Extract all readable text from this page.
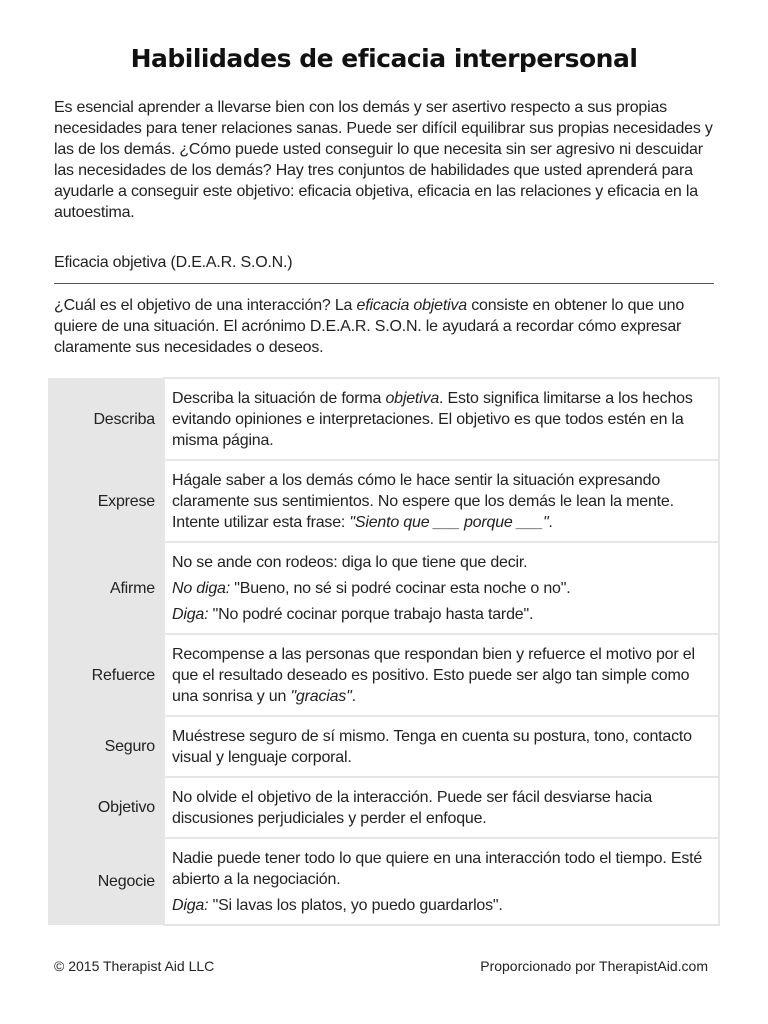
Habilidades de eficacia interpersonal

Es esencial aprender a llevarse bien con los demás y ser asertivo respecto a sus propias necesidades para tener relaciones sanas. Puede ser difícil equilibrar sus propias necesidades y las de los demás. ¿Cómo puede usted conseguir lo que necesita sin ser agresivo ni descuidar las necesidades de los demás? Hay tres conjuntos de habilidades que usted aprenderá para ayudarle a conseguir este objetivo: eficacia objetiva, eficacia en las relaciones y eficacia en la autoestima.

Eficacia objetiva (D.E.A.R. S.O.N.)

¿Cuál es el objetivo de una interacción? La eficacia objetiva consiste en obtener lo que uno quiere de una situación. El acrónimo D.E.A.R. S.O.N. le ayudará a recordar cómo expresar claramente sus necesidades o deseos.

Describa	Describa la situación de forma objetiva. Esto significa limitarse a los hechos evitando opiniones e interpretaciones. El objetivo es que todos estén en la misma página.

Exprese	Hágale saber a los demás cómo le hace sentir la situación expresando claramente sus sentimientos. No espere que los demás le lean la mente. Intente utilizar esta frase: "Siento que ___ porque ___".

Afirme	No se ande con rodeos: diga lo que tiene que decir.

No diga: "Bueno, no sé si podré cocinar esta noche o no".

Diga: "No podré cocinar porque trabajo hasta tarde".

Refuerce	Recompense a las personas que respondan bien y refuerce el motivo por el que el resultado deseado es positivo. Esto puede ser algo tan simple como una sonrisa y un "gracias".

Seguro	Muéstrese seguro de sí mismo. Tenga en cuenta su postura, tono, contacto visual y lenguaje corporal.

Objetivo	No olvide el objetivo de la interacción. Puede ser fácil desviarse hacia discusiones perjudiciales y perder el enfoque.

Negocie	Nadie puede tener todo lo que quiere en una interacción todo el tiempo. Esté abierto a la negociación.

Diga: "Si lavas los platos, yo puedo guardarlos".

© 2015 Therapist Aid LLC	Proporcionado por TherapistAid.com
